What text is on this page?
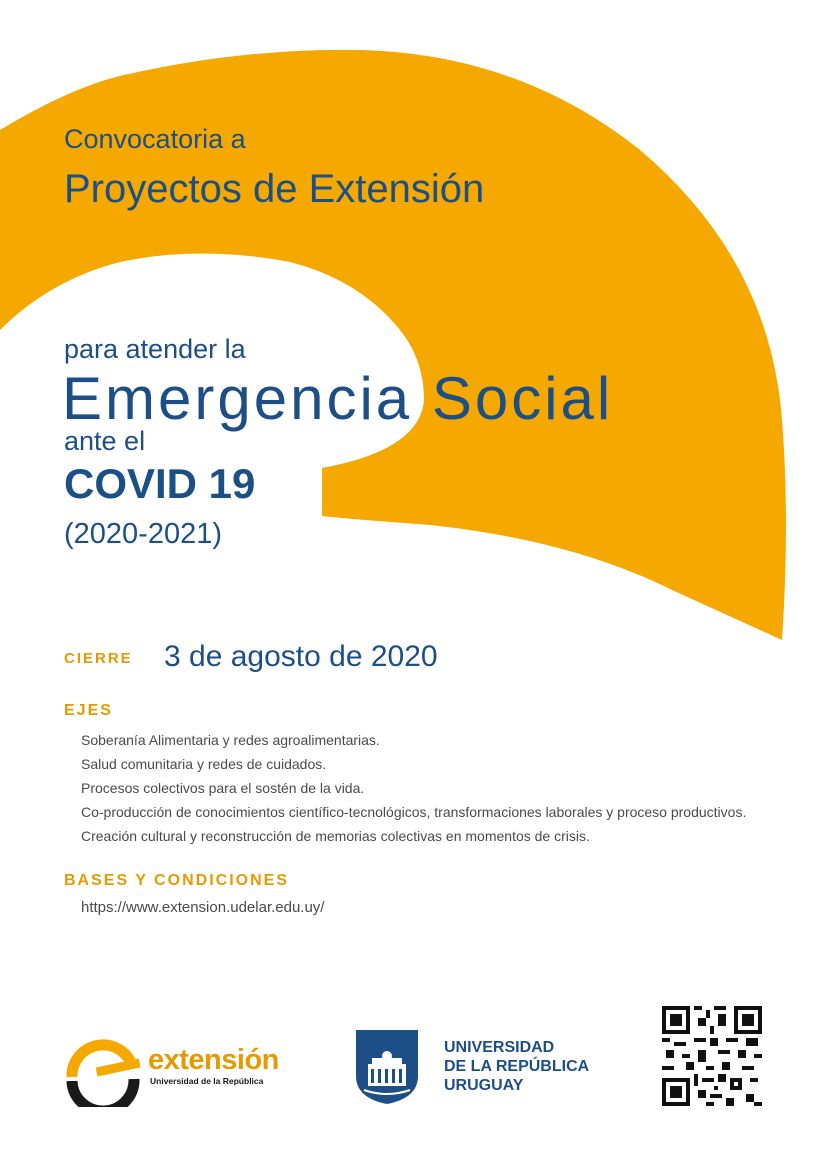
Convocatoria a
Proyectos de Extensión
para atender la
Emergencia Social
ante el
COVID 19
(2020-2021)
CIERRE 3 de agosto de 2020
EJES
Soberanía Alimentaria y redes agroalimentarias.
Salud comunitaria y redes de cuidados.
Procesos colectivos para el sostén de la vida.
Co-producción de conocimientos científico-tecnológicos, transformaciones laborales y proceso productivos.
Creación cultural y reconstrucción de memorias colectivas en momentos de crisis.
BASES Y CONDICIONES
https://www.extension.udelar.edu.uy/
extensión
Universidad de la República
UNIVERSIDAD
DE LA REPÚBLICA
URUGUAY
